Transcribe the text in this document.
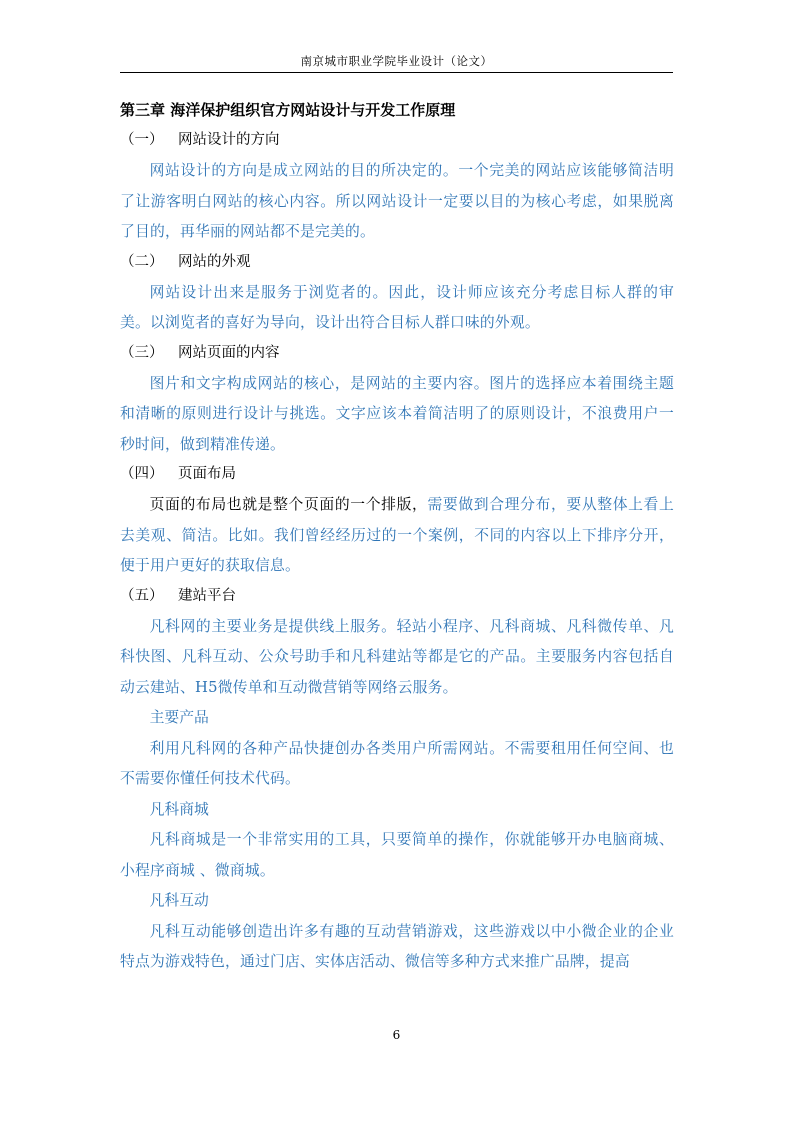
南京城市职业学院毕业设计（论文）
第三章 海洋保护组织官方网站设计与开发工作原理
（一） 网站设计的方向

网站设计的方向是成立网站的目的所决定的。一个完美的网站应该能够简洁明了让游客明白网站的核心内容。所以网站设计一定要以目的为核心考虑，如果脱离了目的，再华丽的网站都不是完美的。

（二） 网站的外观

网站设计出来是服务于浏览者的。因此，设计师应该充分考虑目标人群的审美。以浏览者的喜好为导向，设计出符合目标人群口味的外观。

（三） 网站页面的内容

图片和文字构成网站的核心，是网站的主要内容。图片的选择应本着围绕主题和清晰的原则进行设计与挑选。文字应该本着简洁明了的原则设计，不浪费用户一秒时间，做到精准传递。

（四） 页面布局

页面的布局也就是整个页面的一个排版，需要做到合理分布，要从整体上看上去美观、简洁。比如。我们曾经经历过的一个案例，不同的内容以上下排序分开，便于用户更好的获取信息。

（五） 建站平台

凡科网的主要业务是提供线上服务。轻站小程序、凡科商城、凡科微传单、凡科快图、凡科互动、公众号助手和凡科建站等都是它的产品。主要服务内容包括自动云建站、H5微传单和互动微营销等网络云服务。

主要产品

利用凡科网的各种产品快捷创办各类用户所需网站。不需要租用任何空间、也不需要你懂任何技术代码。

凡科商城

凡科商城是一个非常实用的工具，只要简单的操作，你就能够开办电脑商城、小程序商城 、微商城。

凡科互动

凡科互动能够创造出许多有趣的互动营销游戏，这些游戏以中小微企业的企业特点为游戏特色，通过门店、实体店活动、微信等多种方式来推广品牌，提高

6
